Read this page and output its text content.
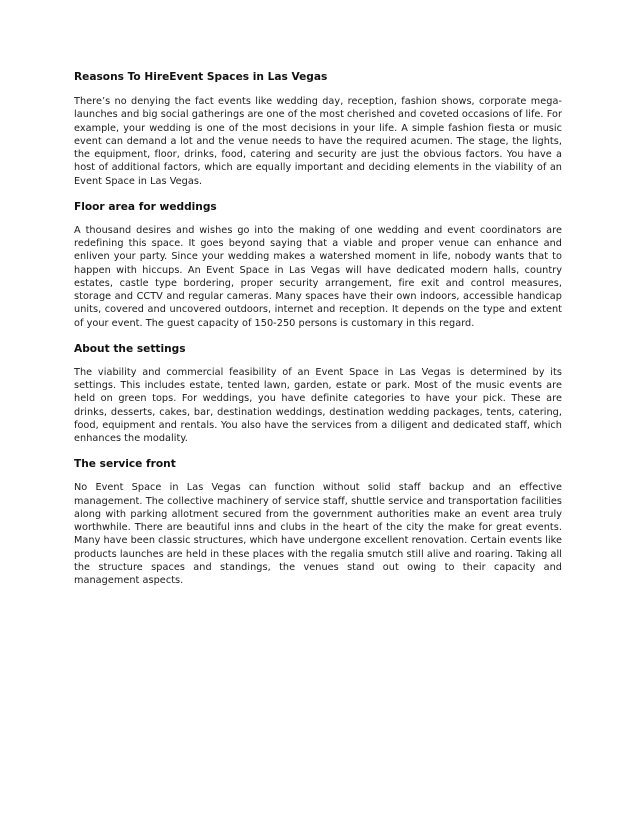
Reasons To HireEvent Spaces in Las Vegas

There’s no denying the fact events like wedding day, reception, fashion shows, corporate mega-launches and big social gatherings are one of the most cherished and coveted occasions of life. For example, your wedding is one of the most decisions in your life. A simple fashion fiesta or music event can demand a lot and the venue needs to have the required acumen. The stage, the lights, the equipment, floor, drinks, food, catering and security are just the obvious factors. You have a host of additional factors, which are equally important and deciding elements in the viability of an Event Space in Las Vegas.

Floor area for weddings

A thousand desires and wishes go into the making of one wedding and event coordinators are redefining this space. It goes beyond saying that a viable and proper venue can enhance and enliven your party. Since your wedding makes a watershed moment in life, nobody wants that to happen with hiccups. An Event Space in Las Vegas will have dedicated modern halls, country estates, castle type bordering, proper security arrangement, fire exit and control measures, storage and CCTV and regular cameras. Many spaces have their own indoors, accessible handicap units, covered and uncovered outdoors, internet and reception. It depends on the type and extent of your event. The guest capacity of 150-250 persons is customary in this regard.

About the settings

The viability and commercial feasibility of an Event Space in Las Vegas is determined by its settings. This includes estate, tented lawn, garden, estate or park. Most of the music events are held on green tops. For weddings, you have definite categories to have your pick. These are drinks, desserts, cakes, bar, destination weddings, destination wedding packages, tents, catering, food, equipment and rentals. You also have the services from a diligent and dedicated staff, which enhances the modality.

The service front

No Event Space in Las Vegas can function without solid staff backup and an effective management. The collective machinery of service staff, shuttle service and transportation facilities along with parking allotment secured from the government authorities make an event area truly worthwhile. There are beautiful inns and clubs in the heart of the city the make for great events. Many have been classic structures, which have undergone excellent renovation. Certain events like products launches are held in these places with the regalia smutch still alive and roaring. Taking all the structure spaces and standings, the venues stand out owing to their capacity and management aspects.
